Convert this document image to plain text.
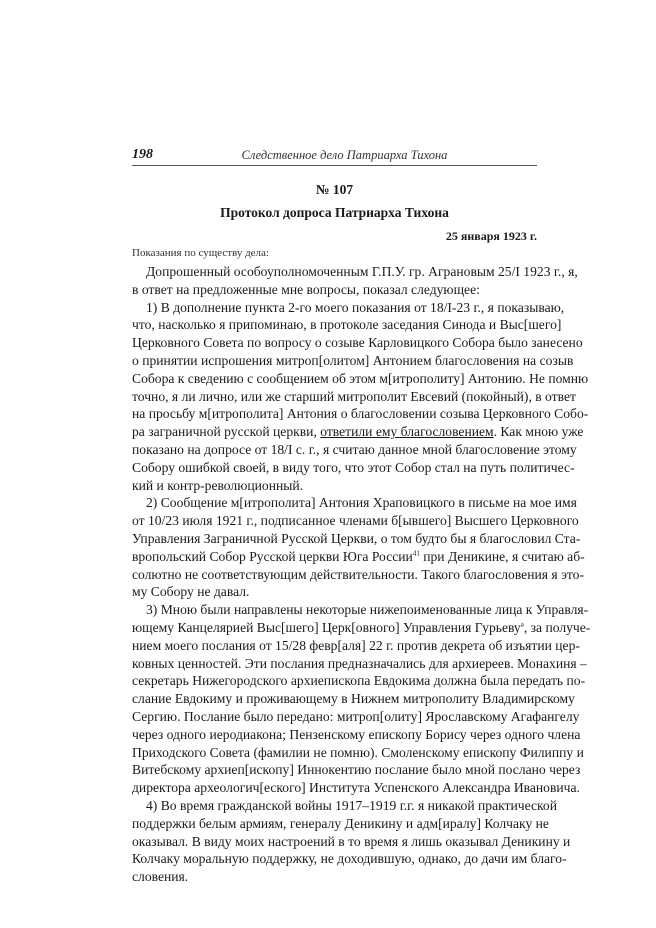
198	Следственное дело Патриарха Тихона
№ 107
Протокол допроса Патриарха Тихона
25 января 1923 г.
Показания по существу дела:
Допрошенный особоуполномоченным Г.П.У. гр. Аграновым 25/I 1923 г., я,
в ответ на предложенные мне вопросы, показал следующее:
1) В дополнение пункта 2-го моего показания от 18/I-23 г., я показываю,
что, насколько я припоминаю, в протоколе заседания Синода и Выс[шего]
Церковного Совета по вопросу о созыве Карловицкого Собора было занесено
о принятии испрошения митроп[олитом] Антонием благословения на созыв
Собора к сведению с сообщением об этом м[итрополиту] Антонию. Не помню
точно, я ли лично, или же старший митрополит Евсевий (покойный), в ответ
на просьбу м[итрополита] Антония о благословении созыва Церковного Собо-
ра заграничной русской церкви, ответили ему благословением. Как мною уже
показано на допросе от 18/I с. г., я считаю данное мной благословение этому
Собору ошибкой своей, в виду того, что этот Собор стал на путь политичес-
кий и контр-революционный.
2) Сообщение м[итрополита] Антония Храповицкого в письме на мое имя
от 10/23 июля 1921 г., подписанное членами б[ывшего] Высшего Церковного
Управления Заграничной Русской Церкви, о том будто бы я благословил Ста-
вропольский Собор Русской церкви Юга России$^{41}$ при Деникине, я считаю аб-
солютно не соответствующим действительности. Такого благословения я это-
му Собору не давал.
3) Мною были направлены некоторые нижепоименованные лица к Управля-
ющему Канцелярией Выс[шего] Церк[овного] Управления Гурьеву$^а$, за получе-
нием моего послания от 15/28 февр[аля] 22 г. против декрета об изъятии цер-
ковных ценностей. Эти послания предназначались для архиереев. Монахиня –
секретарь Нижегородского архиепископа Евдокима должна была передать по-
слание Евдокиму и проживающему в Нижнем митрополиту Владимирскому
Сергию. Послание было передано: митроп[олиту] Ярославскому Агафангелу
через одного иеродиакона; Пензенскому епископу Борису через одного члена
Приходского Совета (фамилии не помню). Смоленскому епископу Филиппу и
Витебскому архиеп[ископу] Иннокентию послание было мной послано через
директора археологич[еского] Института Успенского Александра Ивановича.
4) Во время гражданской войны 1917–1919 г.г. я никакой практической
поддержки белым армиям, генералу Деникину и адм[иралу] Колчаку не
оказывал. В виду моих настроений в то время я лишь оказывал Деникину и
Колчаку моральную поддержку, не доходившую, однако, до дачи им благо-
словения.
